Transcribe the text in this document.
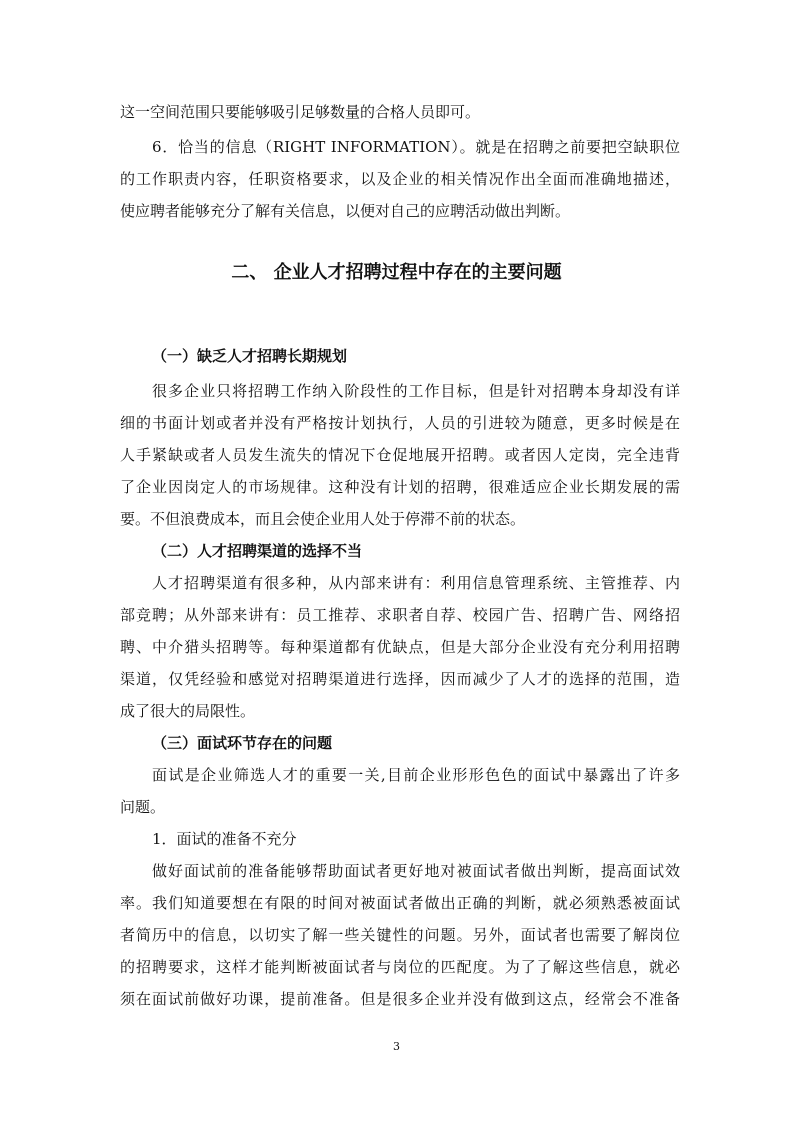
这一空间范围只要能够吸引足够数量的合格人员即可。
6．恰当的信息（RIGHT INFORMATION）。就是在招聘之前要把空缺职位
的工作职责内容，任职资格要求，以及企业的相关情况作出全面而准确地描述，
使应聘者能够充分了解有关信息，以便对自己的应聘活动做出判断。
二、 企业人才招聘过程中存在的主要问题
（一）缺乏人才招聘长期规划
很多企业只将招聘工作纳入阶段性的工作目标，但是针对招聘本身却没有详
细的书面计划或者并没有严格按计划执行，人员的引进较为随意，更多时候是在
人手紧缺或者人员发生流失的情况下仓促地展开招聘。或者因人定岗，完全违背
了企业因岗定人的市场规律。这种没有计划的招聘，很难适应企业长期发展的需
要。不但浪费成本，而且会使企业用人处于停滞不前的状态。
（二）人才招聘渠道的选择不当
人才招聘渠道有很多种，从内部来讲有：利用信息管理系统、主管推荐、内
部竞聘；从外部来讲有：员工推荐、求职者自荐、校园广告、招聘广告、网络招
聘、中介猎头招聘等。每种渠道都有优缺点，但是大部分企业没有充分利用招聘
渠道，仅凭经验和感觉对招聘渠道进行选择，因而减少了人才的选择的范围，造
成了很大的局限性。
（三）面试环节存在的问题
面试是企业筛选人才的重要一关,目前企业形形色色的面试中暴露出了许多
问题。
1．面试的准备不充分
做好面试前的准备能够帮助面试者更好地对被面试者做出判断，提高面试效
率。我们知道要想在有限的时间对被面试者做出正确的判断，就必须熟悉被面试
者简历中的信息，以切实了解一些关键性的问题。另外，面试者也需要了解岗位
的招聘要求，这样才能判断被面试者与岗位的匹配度。为了了解这些信息，就必
须在面试前做好功课，提前准备。但是很多企业并没有做到这点，经常会不准备
3
